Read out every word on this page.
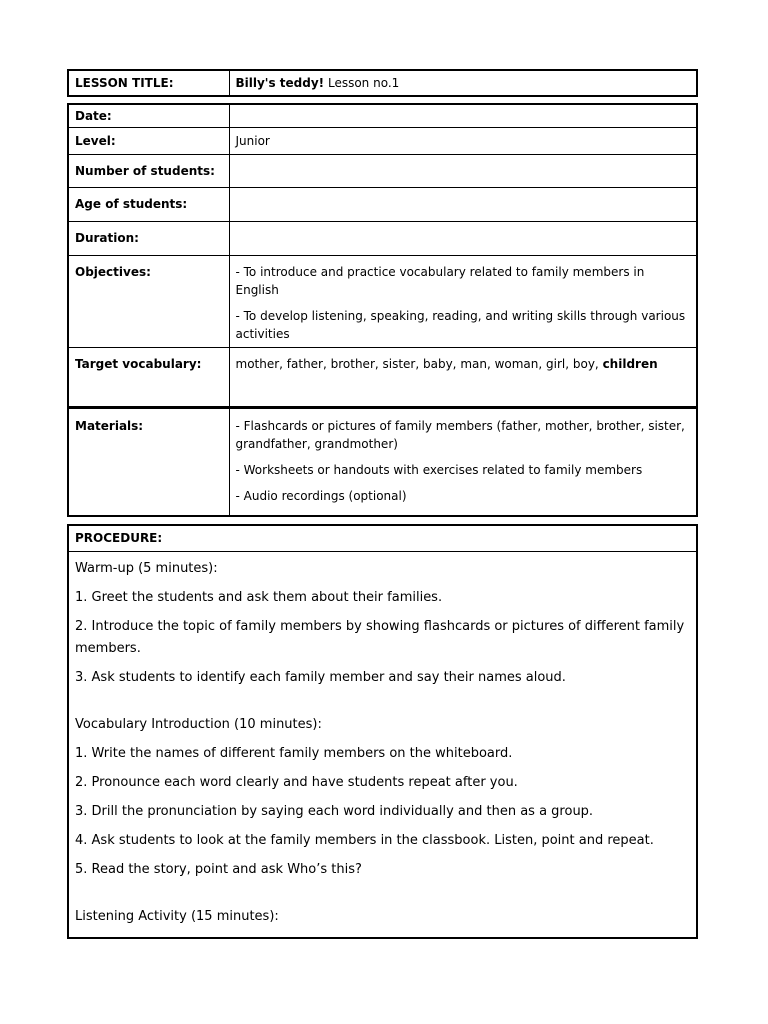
LESSON TITLE:	Billy's teddy! Lesson no.1
Date:	
Level:	Junior
Number of students:	
Age of students:	
Duration:	
Objectives:	- To introduce and practice vocabulary related to family members in English

- To develop listening, speaking, reading, and writing skills through various activities

Target vocabulary:	mother, father, brother, sister, baby, man, woman, girl, boy, children
Materials:	- Flashcards or pictures of family members (father, mother, brother, sister, grandfather, grandmother)

- Worksheets or handouts with exercises related to family members

- Audio recordings (optional)

PROCEDURE:

Warm-up (5 minutes):

1. Greet the students and ask them about their families.

2. Introduce the topic of family members by showing flashcards or pictures of different family members.

3. Ask students to identify each family member and say their names aloud.

Vocabulary Introduction (10 minutes):

1. Write the names of different family members on the whiteboard.

2. Pronounce each word clearly and have students repeat after you.

3. Drill the pronunciation by saying each word individually and then as a group.

4. Ask students to look at the family members in the classbook. Listen, point and repeat.

5. Read the story, point and ask Who’s this?

Listening Activity (15 minutes):
